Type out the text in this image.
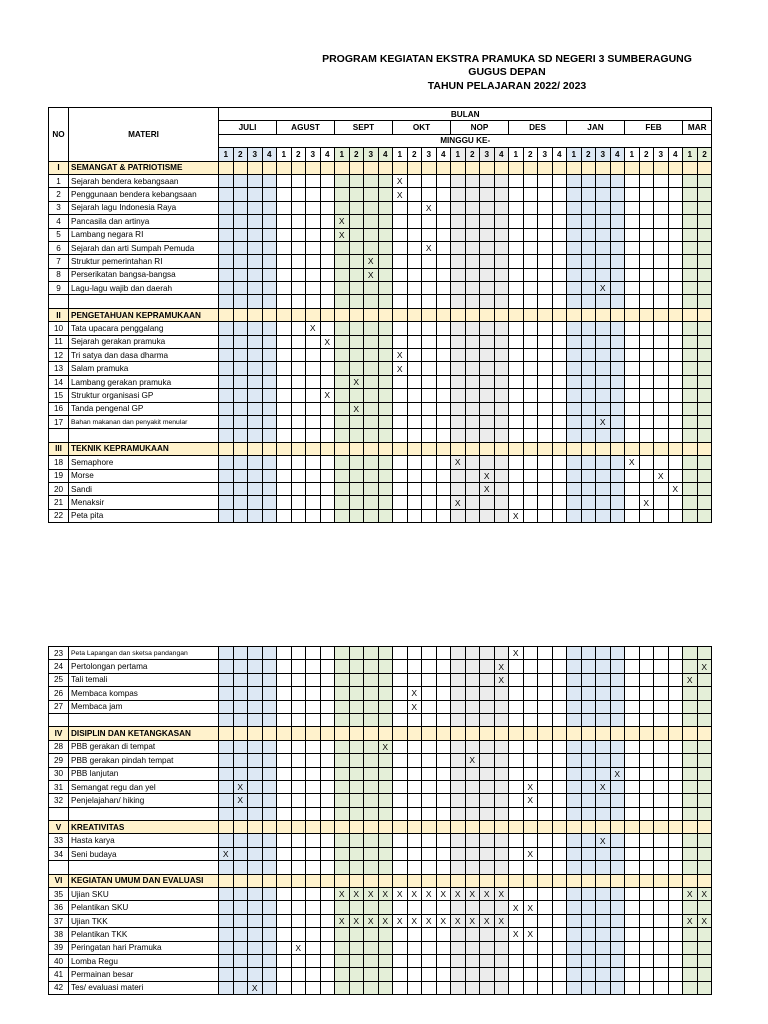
PROGRAM KEGIATAN EKSTRA PRAMUKA SD NEGERI 3 SUMBERAGUNG
GUGUS DEPAN
TAHUN PELAJARAN 2022/ 2023
NO	MATERI	BULAN																																	
		JULI				AGUST				SEPT				OKT				NOP				DES				JAN				FEB				MAR	
		MINGGU KE-																																	
		1	2	3	4	1	2	3	4	1	2	3	4	1	2	3	4	1	2	3	4	1	2	3	4	1	2	3	4	1	2	3	4	1	2
I	SEMANGAT & PATRIOTISME																																		
1	Sejarah bendera kebangsaan													X																					
2	Penggunaan bendera kebangsaan													X																					
3	Sejarah lagu Indonesia Raya															X																			
4	Pancasila dan artinya									X																									
5	Lambang negara RI									X																									
6	Sejarah dan arti Sumpah Pemuda															X																			
7	Struktur pemerintahan RI											X																							
8	Perserikatan bangsa-bangsa											X																							
9	Lagu-lagu wajib dan daerah																											X							

II	PENGETAHUAN KEPRAMUKAAN																																		
10	Tata upacara penggalang							X																											
11	Sejarah gerakan pramuka								X																										
12	Tri satya dan dasa dharma													X																					
13	Salam pramuka													X																					
14	Lambang gerakan pramuka										X																								
15	Struktur organisasi GP								X																										
16	Tanda pengenal GP										X																								
17	Bahan makanan dan penyakit menular																											X							

III	TEKNIK KEPRAMUKAAN																																		
18	Semaphore																	X												X					
19	Morse																			X												X			
20	Sandi																			X													X		
21	Menaksir																	X													X				
22	Peta pita																					X													
23	Peta Lapangan dan sketsa pandangan																					X													
24	Pertolongan pertama																				X														X
25	Tali temali																				X													X	
26	Membaca kompas														X																				
27	Membaca jam														X																				

IV	DISIPLIN DAN KETANGKASAN																																		
28	PBB gerakan di tempat												X																						
29	PBB gerakan pindah tempat																		X																
30	PBB lanjutan																												X						
31	Semangat regu dan yel		X																				X					X							
32	Penjelajahan/ hiking		X																				X												

V	KREATIVITAS																																		
33	Hasta karya																											X							
34	Seni budaya	X																					X												

VI	KEGIATAN UMUM DAN EVALUASI																																		
35	Ujian SKU									X	X	X	X	X	X	X	X	X	X	X	X													X	X
36	Pelantikan SKU																					X	X												
37	Ujian TKK									X	X	X	X	X	X	X	X	X	X	X	X													X	X
38	Pelantikan TKK																					X	X												
39	Peringatan hari Pramuka						X																												
40	Lomba Regu																																		
41	Permainan besar																																		
42	Tes/ evaluasi materi			X																															
